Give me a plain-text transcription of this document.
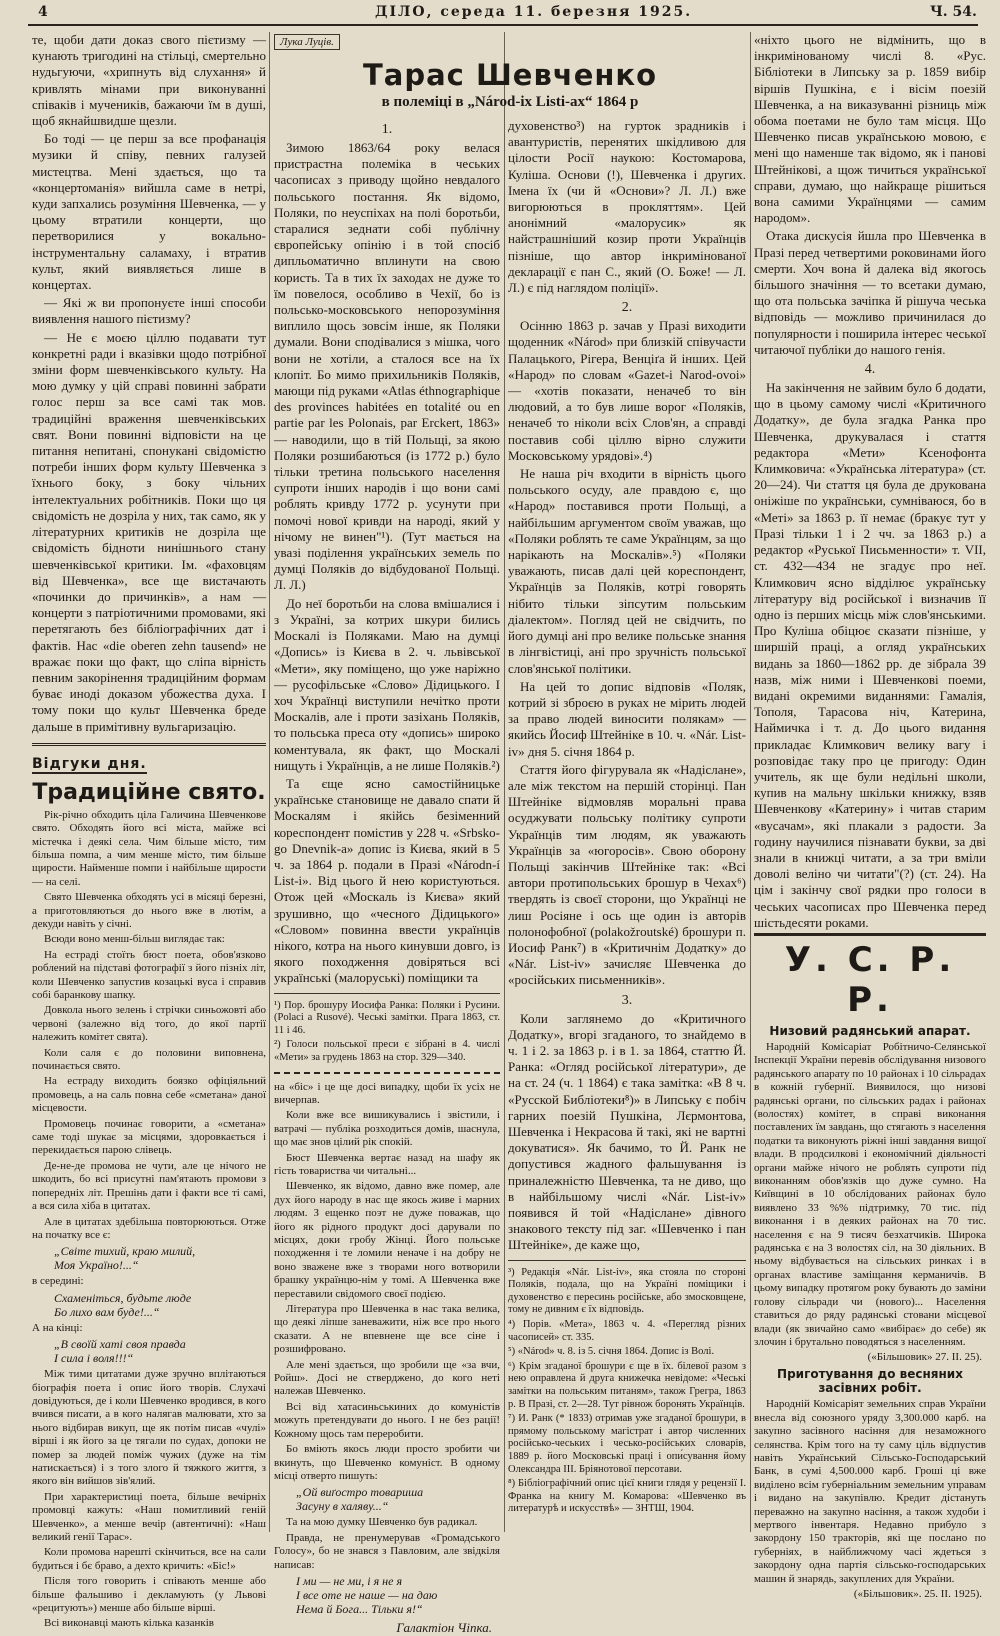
4	ДІЛО, середа 11. березня 1925.	Ч. 54.

те, щоби дати доказ свого пієтизму — кунають тригодині на стільці, смертельно нудьгуючи, «хрипнуть від слухання» й кривлять мінами при виконуванні співаків і мучеників, бажаючи їм в душі, щоб якнайшвидше щезли.

Бо тоді — це перш за все профанація музики й співу, певних галузей мистецтва. Мені здається, що та «концертоманія» вийшла саме в нетрі, куди запхались розуміння Шевченка, — у цьому втратили концерти, що перетворилися у вокально-інструментальну саламаху, і втратив культ, який виявляється лише в концертах.

— Які ж ви пропонуєте інші способи виявлення нашого пієтизму?

— Не є моєю ціллю подавати тут конкретні ради і вказівки щодо потрібної зміни форм шевченківського культу. На мою думку у цій справі повинні забрати голос перш за все самі так мов. традиційні враження шевченківських свят. Вони повинні відповісти на це питання непитані, спонукані свідомістю потреби інших форм культу Шевченка з їхнього боку, з боку чільних інтелектуальних робітників. Поки що ця свідомість не дозріла у них, так само, як у літературних критиків не дозріла ще свідомість бідноти нинішнього стану шевченківської критики. Ім. «фаховцям від Шевченка», все ще вистачають «починки до причинків», а нам — концерти з патріотичними промовами, які перетягають без бібліографічних дат і фактів. Нас «die oberen zehn tausend» не вражає поки що факт, що сліпа вірність певним закорінення традиційним формам буває иноді доказом убожества духа. І тому поки що культ Шевченка бреде дальше в примітивну вульгаризацію.

Відгуки дня.
Традиційне свято.

Рік-річно обходить ціла Галичина Шевченкове свято. Обходять його всі міста, майже всі містечка і деякі села. Чим більше місто, тим більша помпа, а чим менше місто, тим більше щирости. Найменше помпи і найбільше щирости — на селі.

Свято Шевченка обходять усі в місяці березні, а приготовляються до нього вже в лютім, а декуди навіть у січні.

Всюди воно менш-більш виглядає так:

На естраді стоїть бюст поета, обов'язково роблений на підставі фотографії з його пізніх літ, коли Шевченко запустив козацькі вуса і справив собі баранкову шапку.

Довкола нього зелень і стрічки синьожовті або червоні (залежно від того, до якої партії належить комітет свята).

Коли саля є до половини виповнена, починається свято.

На естраду виходить боязко офіціяльний промовець, а на саль повна себе «сметана» даної місцевости.

Промовець починає говорити, а «сметана» саме тоді шукає за місцями, здоровкається і перекидається парою слівець.

Де-не-де промова не чути, але це нічого не шкодить, бо всі присутні пам'ятають промови з попередніх літ. Прешінь дати і факти все ті самі, а вся сила хіба в цитатах.

Але в цитатах здебільша повторюються. Отже на початку все є:

„Світе тихий, краю милий,
Моя Україно!...“

в середині:

Схаменіться, будьте люде
Бо лихо вам буде!...“

А на кінці:

„В своїй хаті своя правда
І сила і воля!!!“

Між тими цитатами дуже зручно вплітаються біографія поета і опис його творів. Слухачі довідуються, де і коли Шевченко вродився, в кого вчився писати, а в кого налягав малювати, хто за нього відбирав викуп, ще як потім писав «чулі» вірші і як його за це тягали по судах, допоки не помер за людей поміж чужих (дуже на тім натискається) і з того злого й тяжкого життя, з якого він вийшов зів'ялий.

При характеристиці поета, більше вечірніх промовці кажуть: «Наш помитливий геній Шевченко», а менше вечір (автентичні): «Наш великий генії Тарас».

Коли промова нарешті скінчиться, все на сали будиться і бє браво, а дехто кричить: «Біс!»

Після того говорить і співають менше або більше фальшиво і декламують (у Львові «рецитують») менше або більше вірші.

Всі виконавці мають кілька казанків

Лука Луців.
Тарас Шевченко
в полеміці в „Národ-ix Listi-ах“ 1864 р
1.

Зимою 1863/64 року велася пристрастна полеміка в чеських часописах з приводу щойно невдалого польського постання. Як відомо, Поляки, по неуспіхах на полі боротьби, старалися зеднати собі публічну європейську опінію і в той спосіб дипльоматично вплинути на свою користь. Та в тих їх заходах не дуже то їм повелося, особливо в Чехії, бо із польсько-московського непорозуміння виплило щось зовсім інше, як Поляки думали. Вони сподівалися з мішка, чого вони не хотіли, а сталося все на їх клопіт. Бо мимо прихильників Поляків, мающи під руками «Atlas éthnographique des provinces habitées en totalité ou en partie par les Polonais, par Erckert, 1863» — наводили, що в тій Польщі, за якою Поляки розшибаються (із 1772 р.) було тільки третина польського населення супроти інших народів і що вони самі роблять кривду 1772 р. усунути при помочі нової кривди на народі, який у нічому не винен"¹). (Тут мається на увазі поділення українських земель по думці Поляків до відбудованої Польщі. Л. Л.)

До неї боротьби на слова вмішалися і з Україні, за котрих шкури бились Москалі із Поляками. Маю на думці «Допись» із Києва в 2. ч. львівської «Мети», яку поміщено, що уже наріжно — русофільське «Слово» Дідицького. І хоч Українці виступили нечітко проти Москалів, але і проти зазіхань Поляків, то польська преса оту «допись» широко коментувала, як факт, що Москалі нищуть і Українців, а не лише Поляків.²)

Та єще ясно самостійницьке українське становище не давало спати й Москалям і якійсь безіменний кореспондент помістив у 228 ч. «Srbsko-go Dnevnik-a» допис із Києва, який в 5 ч. за 1864 р. подали в Празі «Národn-í List-i». Від цього й нею користуються. Отож цей «Москаль із Києва» який зрушивно, що «чесного Дідицького» «Словом» повинна ввести українців нікого, котра на нього кинувши довго, із якого походження довіряться всі українські (малоруські) поміщики та

¹) Пор. брошуру Иосифа Ранка: Поляки і Русини. (Polaci a Rusové). Чеські замітки. Прага 1863, ст. 11 і 46.
²) Голоси польської преси є зібрані в 4. числі «Мети» за грудень 1863 на стор. 329—340.

на «біс» і це ще досі випадку, щоби їх усіх не вичерпав.

Коли вже все вишикувались і звістили, і ватрачі — публіка розходиться домів, шаснула, що має знов цілий рік спокій.

Бюст Шевченка вертає назад на шафу як гість товариства чи читальні...

Шевченко, як відомо, давно вже помер, але дух його народу в нас ще якось живе і марних людям. З ещенко поэт не дуже поважав, що його як рідного продукт досі дарували по місцях, доки гробу Жінці. Його польське походження і те ломили неначе і на добру не воно зважене вже з творами ного вотворили брашку українцю-нім у томі. А Шевченка вже переставили свідомого своєї подією.

Література про Шевченка в нас така велика, що деякі ліпше заневажити, ніж все про нього сказати. А не впевнене ще все сіне і розшифровано.

Але мені здається, що зробили ще «за вчи, Ройш». Досі не стверджено, до кого неті належав Шевченко.

Всі від хатасиньськиних до комуністів можуть претендувати до нього. І не без рації! Кожному щось там переробити.

Бо вміють якось люди просто зробити чи вкинуть, що Шевченко комуніст. В одному місці отверто пишуть:

„Ой виґостро товариша
Засуну в халяву...“

Та на мою думку Шевченко був радикал.

Правда, не пренумерував «Громадського Голосу», бо не знався з Павловим, але звідкіля написав:

І ми — не ми, і я не я
І все оте не наше — на даю
Нема й Бога... Тільки я!“
Галактіон Чіпка.

духовенство³) на гурток зрадників і авантуристів, перенятих шкідливою для цілости Росії наукою: Костомарова, Куліша. Основи (!), Шевченка і других. Імена їх (чи й «Основи»? Л. Л.) вже вигорюються в прокляттям». Цей анонімний «малорусик» як найстрашніший козир проти Українців пізніше, що автор інкримінованої декларації є пан С., який (О. Боже! — Л. Л.) є під наглядом поліції».

2.

Осінню 1863 р. зачав у Празі виходити щоденник «Národ» при близкій співучасти Палацького, Рігера, Венцiґа й інших. Цей «Народ» по словам «Gazet-i Narod-ovoi» — «хотів показати, неначеб то він людовий, а то був лише ворог «Поляків, неначеб то ніколи всіх Слов'ян, а справді поставив собі ціллю вірно служити Московському урядові».⁴)

Не наша річ входити в вірність цього польського осуду, але правдою є, що «Народ» поставився проти Польщі, а найбільшим аргументом своїм уважав, що «Поляки роблять те саме Українцям, за що нарікають на Москалів».⁵) «Поляки уважають, писав далі цей кореспондент, Українців за Поляків, котрі говорять нібито тільки зіпсутим польським діалектом». Погляд цей не свідчить, по його думці ані про велике польське знання в лінгвістиці, ані про зручність польської слов'янської політики.

На цей то допис відповів «Поляк, котрий зі зброєю в руках не мірить людей за право людей виносити полякам» — якийсь Йосиф Штейніке в 10. ч. «Nár. List-iv» дня 5. січня 1864 р.

Стаття його фігурувала як «Надіслане», але між текстом на першій сторінці. Пан Штейніке відмовляв моральні права осуджувати польську політику супроти Українців тим людям, як уважають Українців за «югоросів». Свою оборону Польщі закінчив Штейніке так: «Всі автори протипольських брошур в Чехах⁶) твердять із своєї сторони, що Українці не лиш Росіяне і ось ще один із авторів полонофобної (polakožroutské) брошури п. Иосиф Ранк⁷) в «Критичнім Додатку» до «Nár. List-iv» зачисляє Шевченка до «російських письменників».

3.

Коли заглянемо до «Критичного Додатку», вгорі згаданого, то знайдемо в ч. 1 і 2. за 1863 р. і в 1. за 1864, статтю Й. Ранка: «Огляд російської літератури», де на ст. 24 (ч. 1 1864) є така замітка: «В 8 ч. «Русской Библіотеки⁸)» в Липську є побіч гарних поезій Пушкіна, Лєрмонтова, Шевченка і Некрасова й такі, які не вартні докуватися». Як бачимо, то Й. Ранк не допустився жадного фальшування із приналежністю Шевченка, та не диво, що в найбільшому числі «Nár. List-iv» появився й той «Надіслане» дівного знакового тексту під заг. «Шевченко і пан Штейніке», де каже що,

³) Редакція «Nár. List-iv», яка стояла по стороні Поляків, подала, що на Україні поміщики і духовенство є пересинь російське, або змосковщене, тому не дивним є їх відповідь.
⁴) Порів. «Мета», 1863 ч. 4. «Перегляд різних часописей» ст. 335.
⁵) «Národ» ч. 8. із 5. січня 1864. Допис із Волі.
⁶) Крім згаданої брошури є ще в їх. білевої разом з нею оправлена й друга книжечка невідоме: «Чеські замітки на польським питаням», також Грегра, 1863 р. В Празі, ст. 2—28. Тут рівнож боронять Українців.
⁷) И. Ранк (* 1833) отримав уже згаданої брошури, в прямому польському магістрат і автор численних російсько-чеських і чесько-російських словарів, 1889 р. його Московські праці і опи́сування йому Олександра III. Бріянотової персотави.
⁸) Бібліографічний опис цієї книги глядя у рецензії І. Франка на книгу М. Комарова: «Шевченко въ литературѣ и искусствѣ» — ЗНТШ, 1904.

«ніхто цього не відмінить, що в інкримінованому числі 8. «Рус. Бібліотеки в Липську за р. 1859 вибір віршів Пушкіна, є і вісім поезій Шевченка, а на виказуванні різниць між обома поетами не було там місця. Що Шевченко писав українською мовою, є мені що наменше так відомо, як і панові Штейнікові, а щож тичиться української справи, думаю, що найкраще рішиться вона самими Українцями — самим народом».

Отака дискусія йшла про Шевченка в Празі перед четвертими роковинами його смерти. Хоч вона й далека від якогось більшого значіння — то всетаки думаю, що ота польська зачіпка й рішуча чеська відповідь — можливо причинилася до популярности і поширила інтерес чеської читаючої публіки до нашого генія.

4.

На закінчення не зайвим було б додати, що в цьому самому числі «Критичного Додатку», де була згадка Ранка про Шевченка, друкувалася і стаття редактора «Мети» Ксенофонта Климковича: «Українська література» (ст. 20—24). Чи стаття ця була де друкована оніжіше по українськи, сумніваюся, бо в «Меті» за 1863 р. її немає (бракує тут у Празі тільки 1 і 2 чч. за 1863 р.) а редактор «Руської Письменности» т. VII, ст. 432—434 не згадує про неї. Климкович ясно відділює українську літературу від російської і визначив її одно із перших місць між слов'янськими. Про Куліша обіцює сказати пізніше, у ширшій праці, а огляд українських видань за 1860—1862 рр. де зібрала 39 назв, між ними і Шевченкові поеми, видані окремими виданнями: Гамалія, Тополя, Тарасова ніч, Катерина, Наймичка і т. д. До цього видання прикладає Климкович велику вагу і розповідає таку про це пригоду: Один учитель, як ще були недільні школи, купив на мальну шкільки книжку, взяв Шевченкову «Катерину» і читав старим «вусачам», які плакали з радости. За годину научилися пізнавати букви, за дві знали в книжці читати, а за три вміли доволі веліно чи читати"(?) (ст. 24). На цім і закінчу свої рядки про голоси в чеських часописах про Шевченка перед шістьдесяти роками.

У. С. Р. Р.
Низовий радянський апарат.

Народній Комісаріат Робітничо-Селянської Інспекції України перевів обслідування низового радянського апарату по 10 районах і 10 сільрадах в кожній губернії. Виявилося, що низові радянські органи, по сільських радах і районах (волостях) комітет, в справі виконання поставлених їм завдань, що стягають з населення податки та виконують ріжні інші завдання вищої влади. В продсилкові і економічний діяльності органи майже нічого не роблять супроти під виконанням обов'язків що дуже сумно. На Київщині в 10 обслідованих районах було виявлено 33 %% підтримку, 70 тис. під виконання і в деяких районах на 70 тис. населення є на 9 тисяч безхатчиків. Широка радянська є на 3 волостях сіл, на 30 діяльних. В ньому відбувається на сільських ринках і в органах властиве заміщання керманичів. В цьому випадку протягом року бувають до заміни голову сільради чи (нового)... Населення ставиться до ряду радянські стовани місцевої влади (як звичайно само «вибірає» до себе) як злочин і брутально поводяться з населенням.

(«Більшовик» 27. ІІ. 25).
Приготування до весняних засівних робіт.

Народній Комісаріят земельних справ України внесла від союзного уряду 3,300.000 карб. на закупно засівного насіння для незаможного селянства. Крім того на ту саму ціль відпустив навіть Український Сільсько-Господарський Банк, в сумі 4,500.000 карб. Гроші ці вже виділено всім губерніальним земельним управам і видано на закупівлю. Кредит дістануть переважно на закупно насіння, а також худоби і мертвого інвентаря. Недавно прибуло з закордону 150 тракторів, які ще послано по губерніях, в найближчому часі ждеться з закордону одна партія сільсько-господарських машин й знарядь, закуплених для України.

(«Більшовик». 25. ІІ. 1925).
